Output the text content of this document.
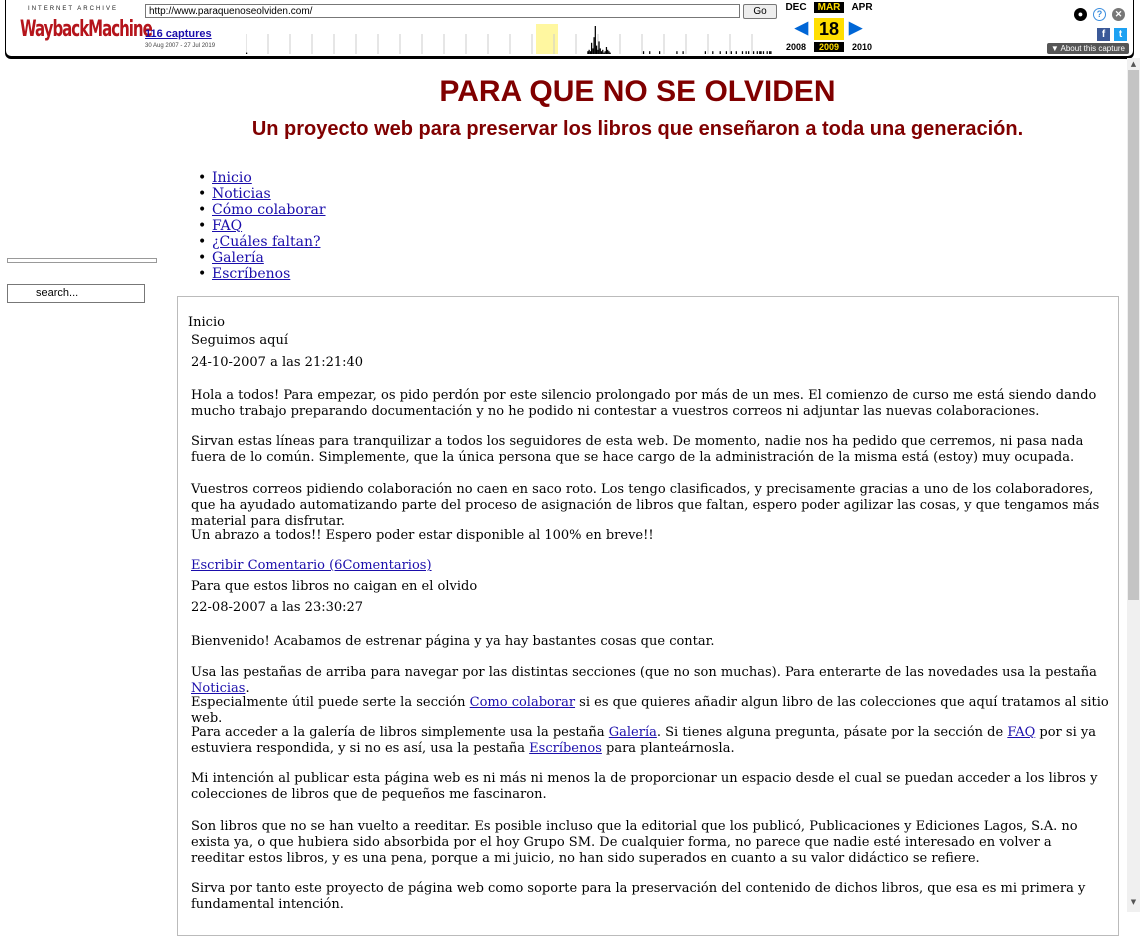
INTERNET ARCHIVE
WaybackMachine
http://www.paraquenoseolviden.com/	Go
116 captures
30 Aug 2007 - 27 Jul 2019
DEC	MAR	APR
◀ 18 ▶
2008	2009	2010
● ? ✕
f t
▼ About this capture
PARA QUE NO SE OLVIDEN
Un proyecto web para preservar los libros que enseñaron a toda una generación.
• Inicio
• Noticias
• Cómo colaborar
• FAQ
• ¿Cuáles faltan?
• Galería
• Escríbenos
search...
Inicio
Seguimos aquí
24-10-2007 a las 21:21:40
Hola a todos! Para empezar, os pido perdón por este silencio prolongado por más de un mes. El comienzo de curso me está siendo dando mucho trabajo preparando documentación y no he podido ni contestar a vuestros correos ni adjuntar las nuevas colaboraciones.
Sirvan estas líneas para tranquilizar a todos los seguidores de esta web. De momento, nadie nos ha pedido que cerremos, ni pasa nada fuera de lo común. Simplemente, que la única persona que se hace cargo de la administración de la misma está (estoy) muy ocupada.
Vuestros correos pidiendo colaboración no caen en saco roto. Los tengo clasificados, y precisamente gracias a uno de los colaboradores, que ha ayudado automatizando parte del proceso de asignación de libros que faltan, espero poder agilizar las cosas, y que tengamos más material para disfrutar.
Un abrazo a todos!! Espero poder estar disponible al 100% en breve!!
Escribir Comentario (6Comentarios)
Para que estos libros no caigan en el olvido
22-08-2007 a las 23:30:27
Bienvenido! Acabamos de estrenar página y ya hay bastantes cosas que contar.
Usa las pestañas de arriba para navegar por las distintas secciones (que no son muchas). Para enterarte de las novedades usa la pestaña Noticias.
Especialmente útil puede serte la sección Como colaborar si es que quieres añadir algun libro de las colecciones que aquí tratamos al sitio web.
Para acceder a la galería de libros simplemente usa la pestaña Galería. Si tienes alguna pregunta, pásate por la sección de FAQ por si ya estuviera respondida, y si no es así, usa la pestaña Escríbenos para planteárnosla.
Mi intención al publicar esta página web es ni más ni menos la de proporcionar un espacio desde el cual se puedan acceder a los libros y colecciones de libros que de pequeños me fascinaron.
Son libros que no se han vuelto a reeditar. Es posible incluso que la editorial que los publicó, Publicaciones y Ediciones Lagos, S.A. no exista ya, o que hubiera sido absorbida por el hoy Grupo SM. De cualquier forma, no parece que nadie esté interesado en volver a reeditar estos libros, y es una pena, porque a mi juicio, no han sido superados en cuanto a su valor didáctico se refiere.
Sirva por tanto este proyecto de página web como soporte para la preservación del contenido de dichos libros, que esa es mi primera y fundamental intención.
▲
▼
